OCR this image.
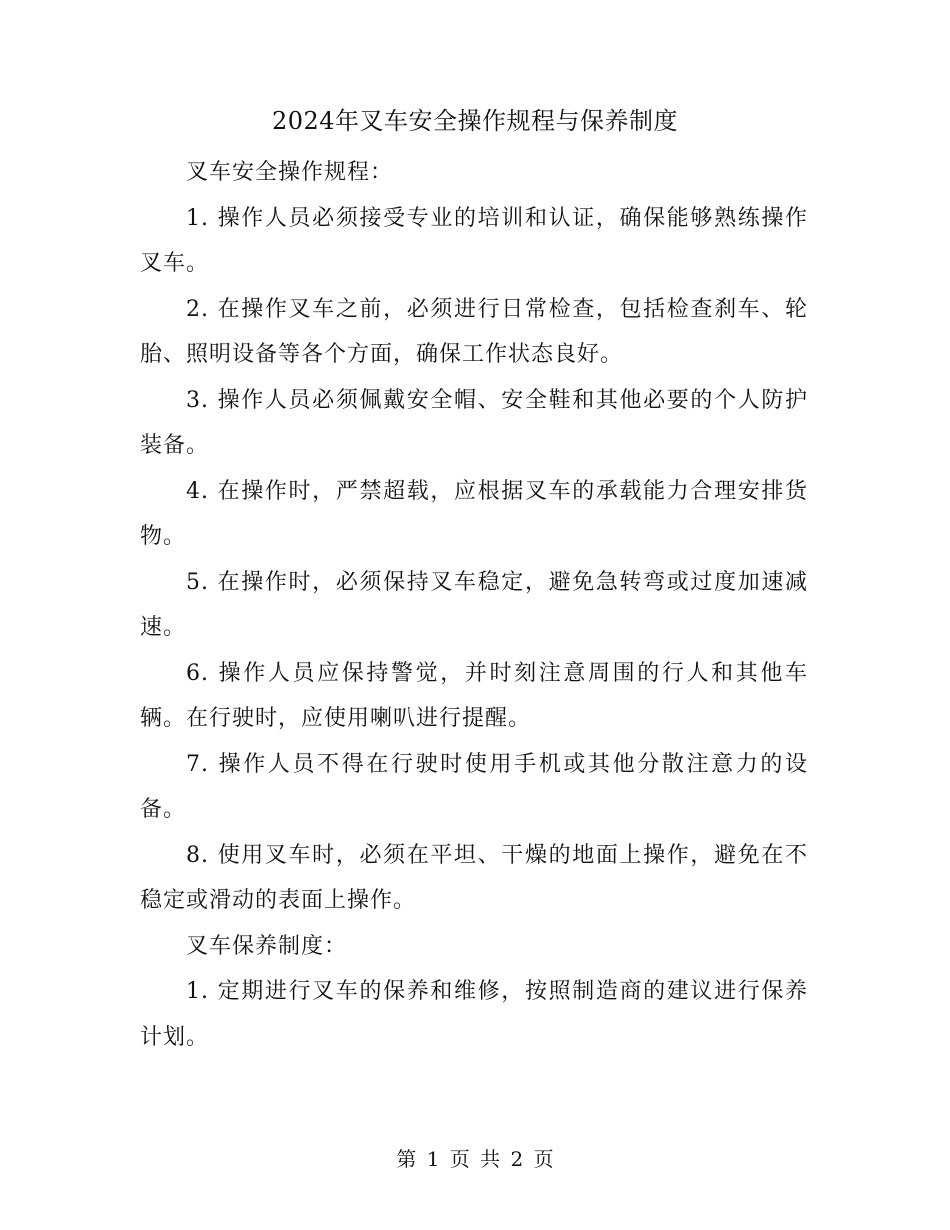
2024年叉车安全操作规程与保养制度

叉车安全操作规程：

1. 操作人员必须接受专业的培训和认证，确保能够熟练操作叉车。

2. 在操作叉车之前，必须进行日常检查，包括检查刹车、轮胎、照明设备等各个方面，确保工作状态良好。

3. 操作人员必须佩戴安全帽、安全鞋和其他必要的个人防护装备。

4. 在操作时，严禁超载，应根据叉车的承载能力合理安排货物。

5. 在操作时，必须保持叉车稳定，避免急转弯或过度加速减速。

6. 操作人员应保持警觉，并时刻注意周围的行人和其他车辆。在行驶时，应使用喇叭进行提醒。

7. 操作人员不得在行驶时使用手机或其他分散注意力的设备。

8. 使用叉车时，必须在平坦、干燥的地面上操作，避免在不稳定或滑动的表面上操作。

叉车保养制度：

1. 定期进行叉车的保养和维修，按照制造商的建议进行保养计划。

第 1 页 共 2 页
